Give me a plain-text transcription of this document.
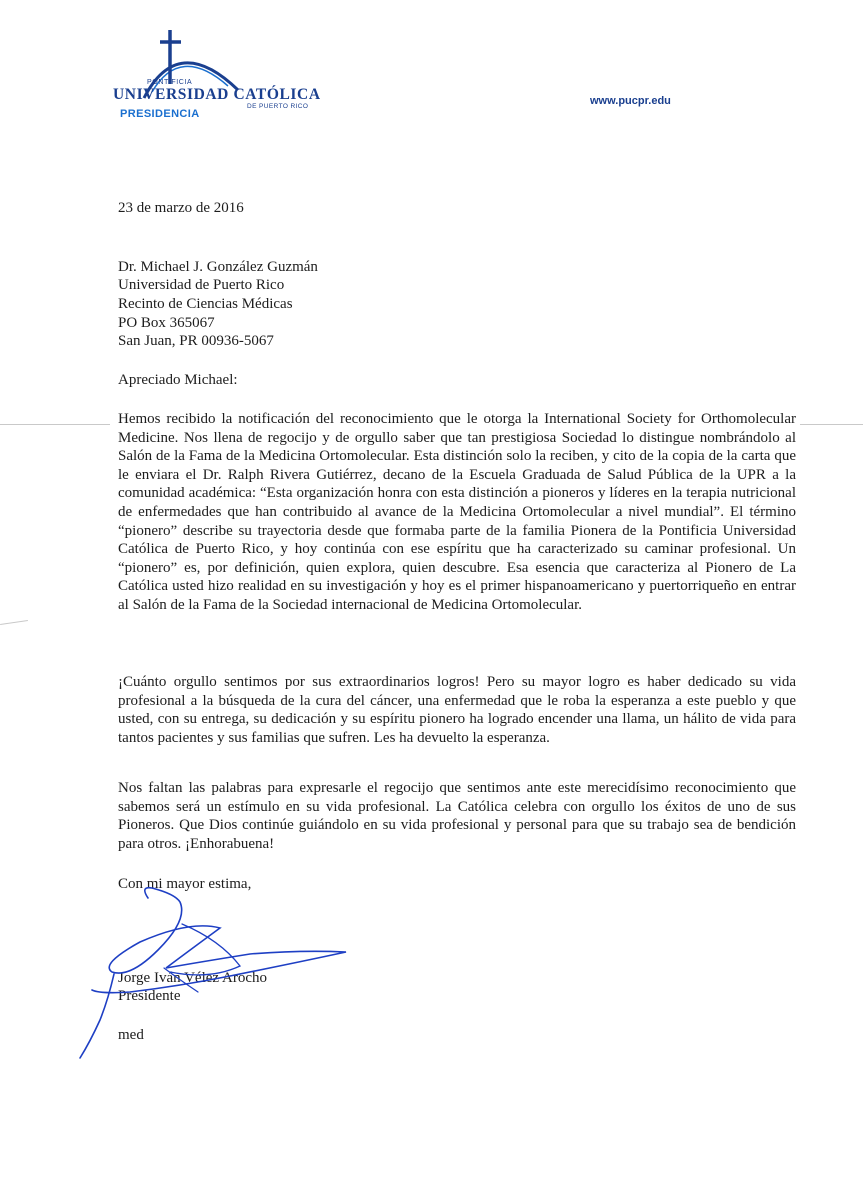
PONTIFICIA
UNIVERSIDAD CATÓLICA
DE PUERTO RICO
PRESIDENCIA
www.pucpr.edu
23 de marzo de 2016
Dr. Michael J. González Guzmán
Universidad de Puerto Rico
Recinto de Ciencias Médicas
PO Box 365067
San Juan, PR 00936-5067
Apreciado Michael:
Hemos recibido la notificación del reconocimiento que le otorga la International Society for Orthomolecular Medicine. Nos llena de regocijo y de orgullo saber que tan prestigiosa Sociedad lo distingue nombrándolo al Salón de la Fama de la Medicina Ortomolecular. Esta distinción solo la reciben, y cito de la copia de la carta que le enviara el Dr. Ralph Rivera Gutiérrez, decano de la Escuela Graduada de Salud Pública de la UPR a la comunidad académica: “Esta organización honra con esta distinción a pioneros y líderes en la terapia nutricional de enfermedades que han contribuido al avance de la Medicina Ortomolecular a nivel mundial”. El término “pionero” describe su trayectoria desde que formaba parte de la familia Pionera de la Pontificia Universidad Católica de Puerto Rico, y hoy continúa con ese espíritu que ha caracterizado su caminar profesional. Un “pionero” es, por definición, quien explora, quien descubre. Esa esencia que caracteriza al Pionero de La Católica usted hizo realidad en su investigación y hoy es el primer hispanoamericano y puertorriqueño en entrar al Salón de la Fama de la Sociedad internacional de Medicina Ortomolecular.
¡Cuánto orgullo sentimos por sus extraordinarios logros! Pero su mayor logro es haber dedicado su vida profesional a la búsqueda de la cura del cáncer, una enfermedad que le roba la esperanza a este pueblo y que usted, con su entrega, su dedicación y su espíritu pionero ha logrado encender una llama, un hálito de vida para tantos pacientes y sus familias que sufren. Les ha devuelto la esperanza.
Nos faltan las palabras para expresarle el regocijo que sentimos ante este merecidísimo reconocimiento que sabemos será un estímulo en su vida profesional. La Católica celebra con orgullo los éxitos de uno de sus Pioneros. Que Dios continúe guiándolo en su vida profesional y personal para que su trabajo sea de bendición para otros. ¡Enhorabuena!
Con mi mayor estima,
Jorge Iván Vélez Arocho
Presidente
med
